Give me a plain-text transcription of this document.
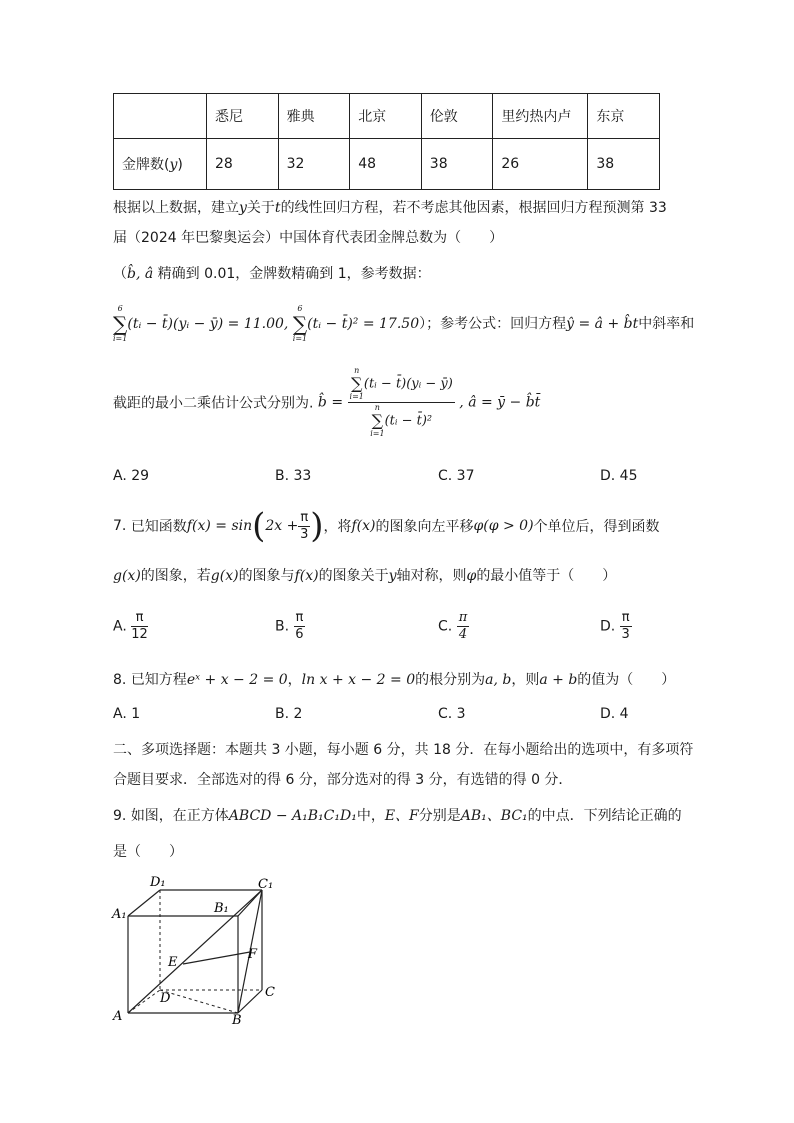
	悉尼	雅典	北京	伦敦	里约热内卢	东京
金牌数(y)	28	32	48	38	26	38
根据以上数据，建立y关于t的线性回归方程，若不考虑其他因素，根据回归方程预测第 33
届（2024 年巴黎奥运会）中国体育代表团金牌总数为（　　）
（b̂, â 精确到 0.01，金牌数精确到 1，参考数据：
6
∑
i=1
(tᵢ − t̄)(yᵢ − ȳ) = 11.00,
6
∑
i=1
(tᵢ − t̄)² = 17.50）；参考公式：回归方程ŷ = â + b̂t中斜率和
截距的最小二乘估计公式分别为. b̂ = n
∑
i=1
(tᵢ − t̄)(yᵢ − ȳ)
n
∑
i=1
(tᵢ − t̄)² , â = ȳ − b̂t̄
A. 29	B. 33	C. 37	D. 45
7. 已知函数$f(x) = \sin(2x + \frac{\pi}{3}$ )，将f(x)的图象向左平移φ(φ > 0)个单位后，得到函数
g(x)的图象，若g(x)的图象与f(x)的图象关于y轴对称，则φ的最小值等于（　　）
A. $\frac{\pi}{12}$	B. $\frac{\pi}{6}$	C. $\frac{\pi}{4}$	D. $\frac{\pi}{3}$
8. 已知方程eˣ + x − 2 = 0，ln x + x − 2 = 0的根分别为a, b，则a + b的值为（　　）
A. 1	B. 2	C. 3	D. 4
二、多项选择题：本题共 3 小题，每小题 6 分，共 18 分．在每小题给出的选项中，有多项符
合题目要求．全部选对的得 6 分，部分选对的得 3 分，有选错的得 0 分．
9. 如图，在正方体ABCD − A₁B₁C₁D₁中，E、F分别是AB₁、BC₁的中点．下列结论正确的
是（　　）
A	B
C
D
A₁	B₁
C₁
D₁
E
F
